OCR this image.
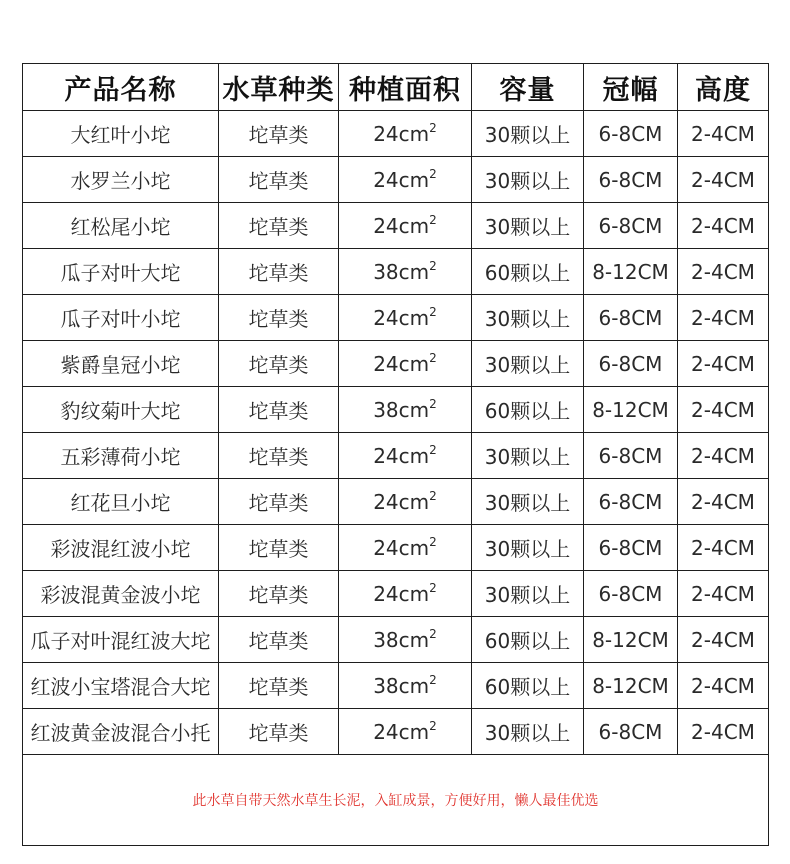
产品名称	水草种类	种植面积	容量	冠幅	高度
大红叶小坨	坨草类	$24cm^2$	30颗以上	6-8CM	2-4CM
水罗兰小坨	坨草类	$24cm^2$	30颗以上	6-8CM	2-4CM
红松尾小坨	坨草类	$24cm^2$	30颗以上	6-8CM	2-4CM
瓜子对叶大坨	坨草类	$38cm^2$	60颗以上	8-12CM	2-4CM
瓜子对叶小坨	坨草类	$24cm^2$	30颗以上	6-8CM	2-4CM
紫爵皇冠小坨	坨草类	$24cm^2$	30颗以上	6-8CM	2-4CM
豹纹菊叶大坨	坨草类	$38cm^2$	60颗以上	8-12CM	2-4CM
五彩薄荷小坨	坨草类	$24cm^2$	30颗以上	6-8CM	2-4CM
红花旦小坨	坨草类	$24cm^2$	30颗以上	6-8CM	2-4CM
彩波混红波小坨	坨草类	$24cm^2$	30颗以上	6-8CM	2-4CM
彩波混黄金波小坨	坨草类	$24cm^2$	30颗以上	6-8CM	2-4CM
瓜子对叶混红波大坨	坨草类	$38cm^2$	60颗以上	8-12CM	2-4CM
红波小宝塔混合大坨	坨草类	$38cm^2$	60颗以上	8-12CM	2-4CM
红波黄金波混合小托	坨草类	$24cm^2$	30颗以上	6-8CM	2-4CM
此水草自带天然水草生长泥，入缸成景，方便好用，懒人最佳优选					
